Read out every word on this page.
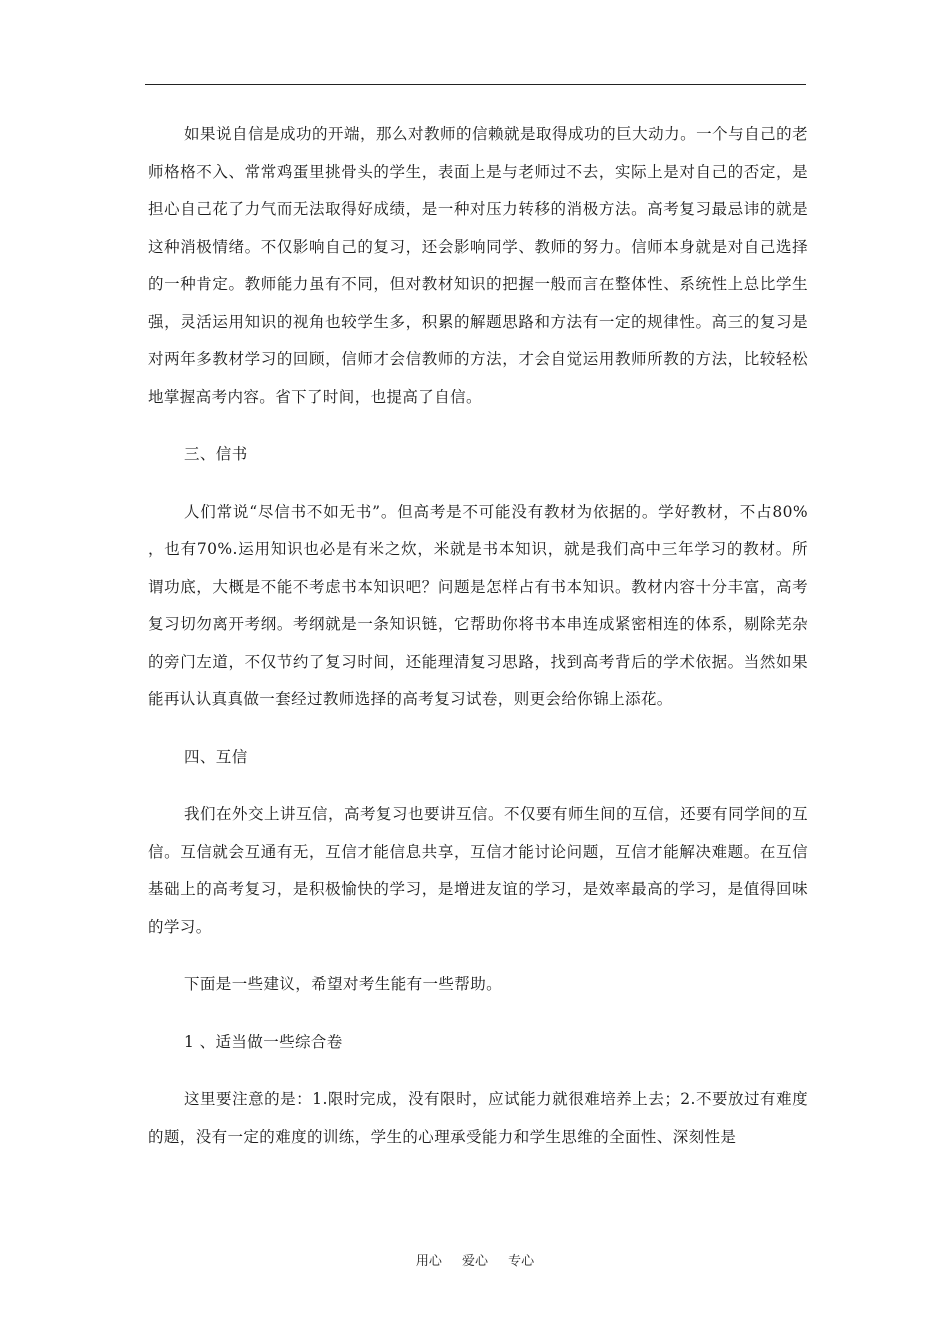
如果说自信是成功的开端，那么对教师的信赖就是取得成功的巨大动力。一个与自己的老师格格不入、常常鸡蛋里挑骨头的学生，表面上是与老师过不去，实际上是对自己的否定，是担心自己花了力气而无法取得好成绩，是一种对压力转移的消极方法。高考复习最忌讳的就是这种消极情绪。不仅影响自己的复习，还会影响同学、教师的努力。信师本身就是对自己选择的一种肯定。教师能力虽有不同，但对教材知识的把握一般而言在整体性、系统性上总比学生强，灵活运用知识的视角也较学生多，积累的解题思路和方法有一定的规律性。高三的复习是对两年多教材学习的回顾，信师才会信教师的方法，才会自觉运用教师所教的方法，比较轻松地掌握高考内容。省下了时间，也提高了自信。

三、信书

人们常说“尽信书不如无书”。但高考是不可能没有教材为依据的。学好教材，不占80% ，也有70%.运用知识也必是有米之炊，米就是书本知识，就是我们高中三年学习的教材。所谓功底，大概是不能不考虑书本知识吧？问题是怎样占有书本知识。教材内容十分丰富，高考复习切勿离开考纲。考纲就是一条知识链，它帮助你将书本串连成紧密相连的体系，剔除芜杂的旁门左道，不仅节约了复习时间，还能理清复习思路，找到高考背后的学术依据。当然如果能再认认真真做一套经过教师选择的高考复习试卷，则更会给你锦上添花。

四、互信

我们在外交上讲互信，高考复习也要讲互信。不仅要有师生间的互信，还要有同学间的互信。互信就会互通有无，互信才能信息共享，互信才能讨论问题，互信才能解决难题。在互信基础上的高考复习，是积极愉快的学习，是增进友谊的学习，是效率最高的学习，是值得回味的学习。

下面是一些建议，希望对考生能有一些帮助。

1 、适当做一些综合卷

这里要注意的是：1.限时完成，没有限时，应试能力就很难培养上去；2.不要放过有难度的题，没有一定的难度的训练，学生的心理承受能力和学生思维的全面性、深刻性是

用心 爱心 专心
